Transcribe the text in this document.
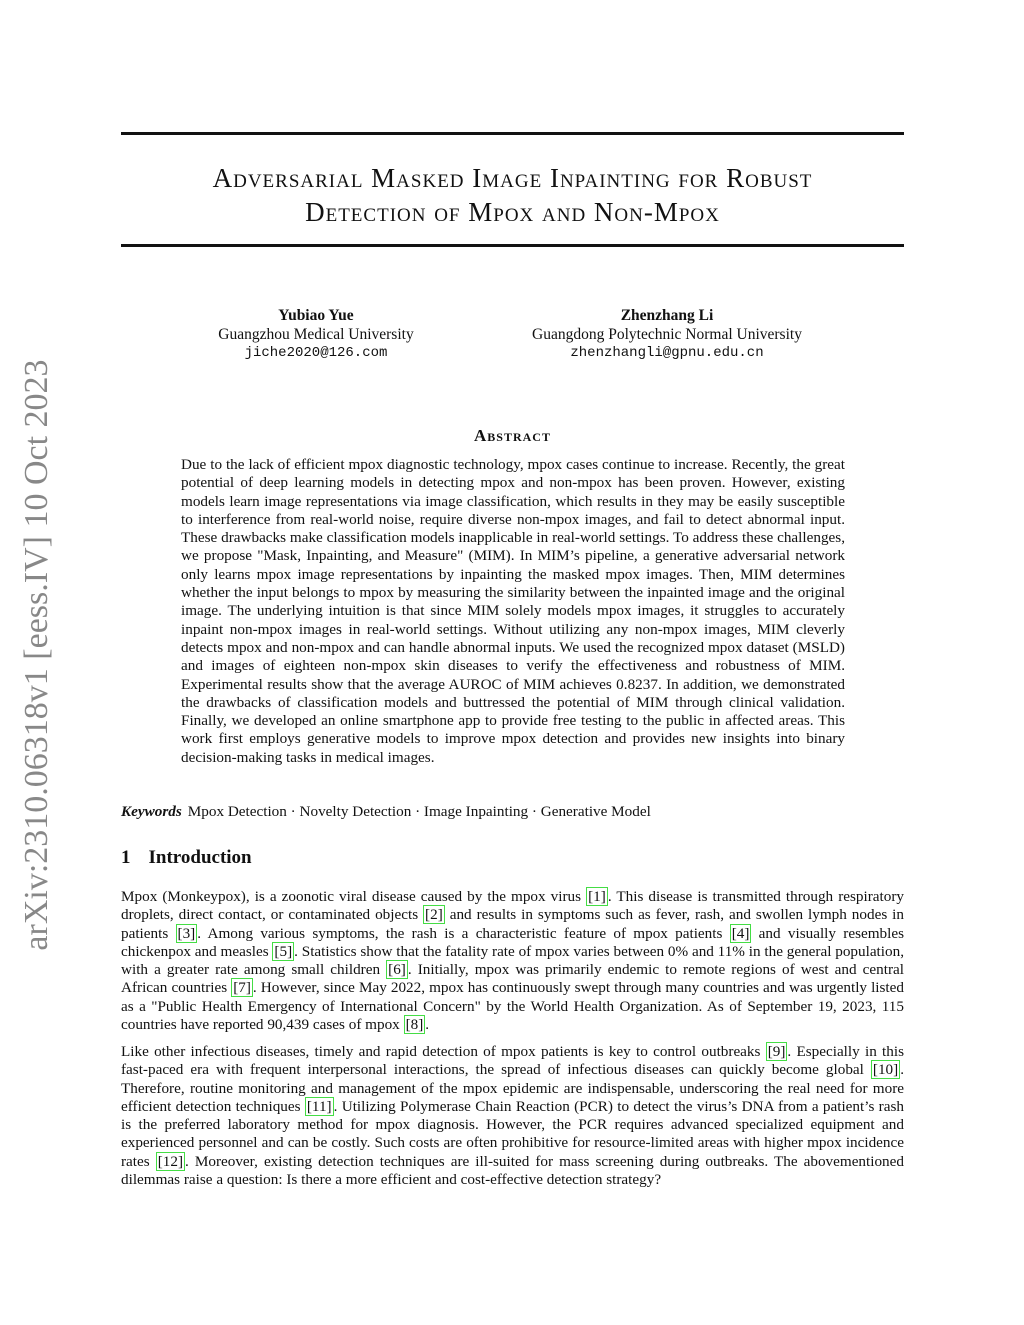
arXiv:2310.06318v1 [eess.IV] 10 Oct 2023
Adversarial Masked Image Inpainting for Robust
Detection of Mpox and Non-Mpox
Yubiao Yue
Guangzhou Medical University
jiche2020@126.com
Zhenzhang Li
Guangdong Polytechnic Normal University
zhenzhangli@gpnu.edu.cn
Abstract

Due to the lack of efficient mpox diagnostic technology, mpox cases continue to increase. Recently, the great potential of deep learning models in detecting mpox and non-mpox has been proven. However, existing models learn image representations via image classification, which results in they may be easily susceptible to interference from real-world noise, require diverse non-mpox images, and fail to detect abnormal input. These drawbacks make classification models inapplicable in real-world settings. To address these challenges, we propose "Mask, Inpainting, and Measure" (MIM). In MIM’s pipeline, a generative adversarial network only learns mpox image representations by inpainting the masked mpox images. Then, MIM determines whether the input belongs to mpox by measuring the similarity between the inpainted image and the original image. The underlying intuition is that since MIM solely models mpox images, it struggles to accurately inpaint non-mpox images in real-world settings. Without utilizing any non-mpox images, MIM cleverly detects mpox and non-mpox and can handle abnormal inputs. We used the recognized mpox dataset (MSLD) and images of eighteen non-mpox skin diseases to verify the effectiveness and robustness of MIM. Experimental results show that the average AUROC of MIM achieves 0.8237. In addition, we demonstrated the drawbacks of classification models and buttressed the potential of MIM through clinical validation. Finally, we developed an online smartphone app to provide free testing to the public in affected areas. This work first employs generative models to improve mpox detection and provides new insights into binary decision-making tasks in medical images.

Keywords Mpox Detection · Novelty Detection · Image Inpainting · Generative Model

1 Introduction

Mpox (Monkeypox), is a zoonotic viral disease caused by the mpox virus [1] . This disease is transmitted through respiratory droplets, direct contact, or contaminated objects [2] and results in symptoms such as fever, rash, and swollen lymph nodes in patients [3] . Among various symptoms, the rash is a characteristic feature of mpox patients [4] and visually resembles chickenpox and measles [5] . Statistics show that the fatality rate of mpox varies between 0% and 11% in the general population, with a greater rate among small children [6] . Initially, mpox was primarily endemic to remote regions of west and central African countries [7] . However, since May 2022, mpox has continuously swept through many countries and was urgently listed as a "Public Health Emergency of International Concern" by the World Health Organization. As of September 19, 2023, 115 countries have reported 90,439 cases of mpox [8] .

Like other infectious diseases, timely and rapid detection of mpox patients is key to control outbreaks [9] . Especially in this fast-paced era with frequent interpersonal interactions, the spread of infectious diseases can quickly become global [10] . Therefore, routine monitoring and management of the mpox epidemic are indispensable, underscoring the real need for more efficient detection techniques [11] . Utilizing Polymerase Chain Reaction (PCR) to detect the virus’s DNA from a patient’s rash is the preferred laboratory method for mpox diagnosis. However, the PCR requires advanced specialized equipment and experienced personnel and can be costly. Such costs are often prohibitive for resource-limited areas with higher mpox incidence rates [12] . Moreover, existing detection techniques are ill-suited for mass screening during outbreaks. The abovementioned dilemmas raise a question: Is there a more efficient and cost-effective detection strategy?
